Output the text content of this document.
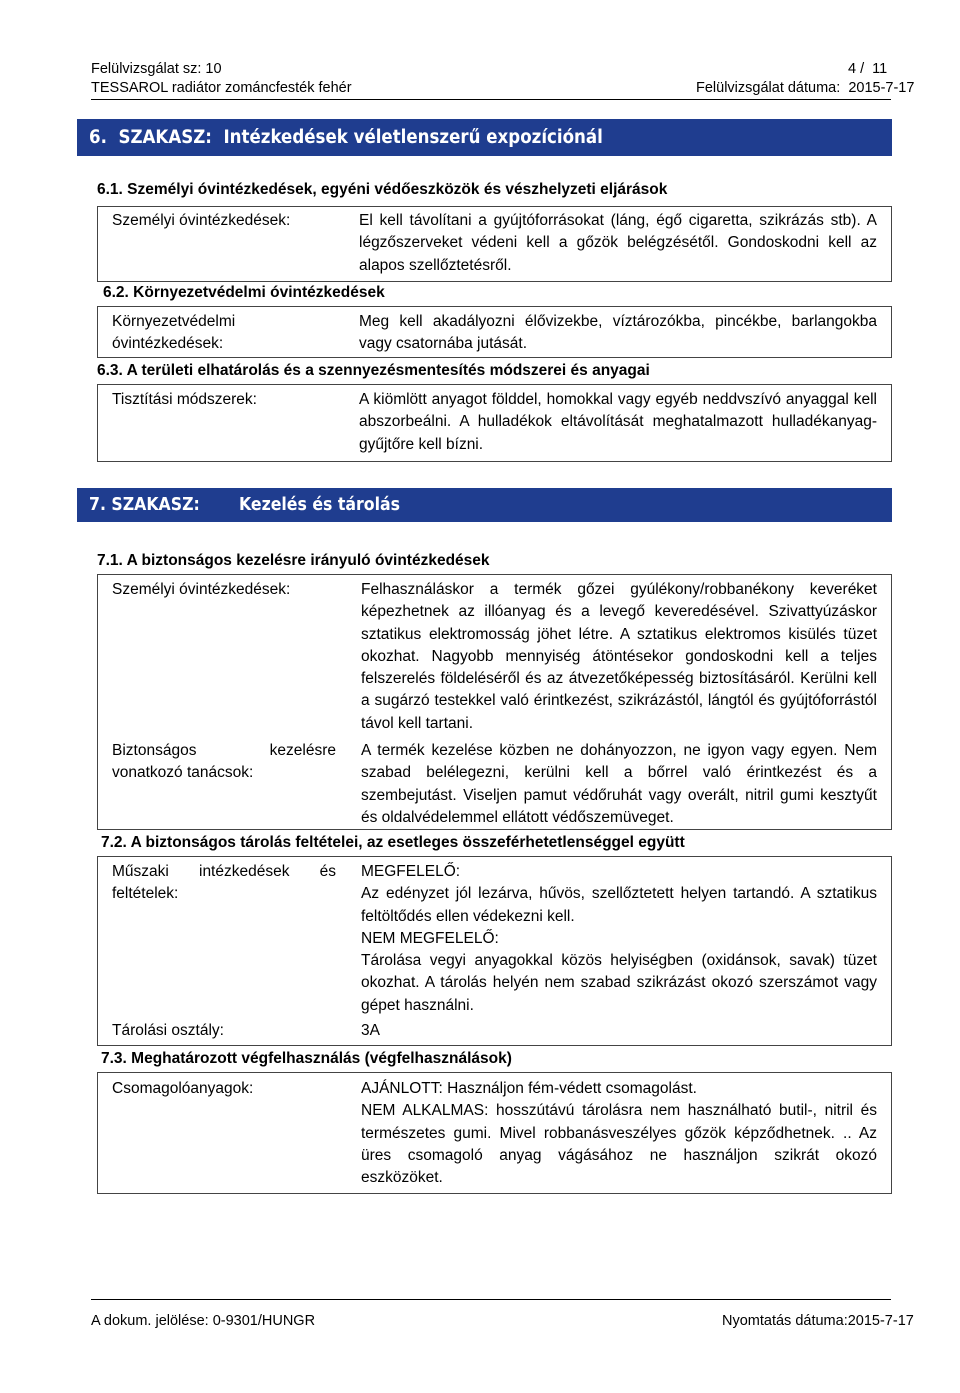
Felülvizsgálat sz: 10
TESSAROL radiátor zománcfesték fehér
4 /  11
Felülvizsgálat dátuma:  2015-7-17
6.  SZAKASZ:  Intézkedések véletlenszerű expozíciónál
6.1. Személyi óvintézkedések, egyéni védőeszközök és vészhelyzeti eljárások
Személyi óvintézkedések:	El kell távolítani a gyújtóforrásokat (láng, égő cigaretta, szikrázás stb). A légzőszerveket védeni kell a gőzök belégzésétől. Gondoskodni kell az alapos szellőztetésről.
6.2. Környezetvédelmi óvintézkedések
Környezetvédelmi
óvintézkedések:
Meg kell akadályozni élővizekbe, víztározókba, pincékbe, barlangokba vagy csatornába jutását.
6.3. A területi elhatárolás és a szennyezésmentesítés módszerei és anyagai
Tisztítási módszerek:	A kiömlött anyagot földdel, homokkal vagy egyéb neddvszívó anyaggal kell abszorbeálni. A hulladékok eltávolítását meghatalmazott hulladékanyag-gyűjtőre kell bízni.
7. SZAKASZ: Kezelés és tárolás
7.1. A biztonságos kezelésre irányuló óvintézkedések
Személyi óvintézkedések:	Felhasználáskor a termék gőzei gyúlékony/robbanékony keveréket képezhetnek az illóanyag és a levegő keveredésével. Szivattyúzáskor sztatikus elektromosság jöhet létre. A sztatikus elektromos kisülés tüzet okozhat. Nagyobb mennyiség átöntésekor gondoskodni kell a teljes felszerelés földeléséről és az átvezetőképesség biztosításáról. Kerülni kell a sugárzó testekkel való érintkezést, szikrázástól, lángtól és gyújtóforrástól távol kell tartani.
Biztonságos kezelésre vonatkozó tanácsok:
A termék kezelése közben ne dohányozzon, ne igyon vagy egyen. Nem szabad belélegezni, kerülni kell a bőrrel való érintkezést és a szembejutást. Viseljen pamut védőruhát vagy overált, nitril gumi kesztyűt és oldalvédelemmel ellátott védőszemüveget.
7.2. A biztonságos tárolás feltételei, az esetleges összeférhetetlenséggel együtt
Műszaki intézkedések és feltételek:

MEGFELELŐ:

Az edényzet jól lezárva, hűvös, szellőztetett helyen tartandó. A sztatikus feltöltődés ellen védekezni kell.

NEM MEGFELELŐ:

Tárolása vegyi anyagokkal közös helyiségben (oxidánsok, savak) tüzet okozhat. A tárolás helyén nem szabad szikrázást okozó szerszámot vagy gépet használni.

Tárolási osztály:	3A
7.3. Meghatározott végfelhasználás (végfelhasználások)
Csomagolóanyagok:	AJÁNLOTT: Használjon fém-védett csomagolást.

NEM ALKALMAS: hosszútávú tárolásra nem használható butil-, nitril és természetes gumi. Mivel robbanásveszélyes gőzök képződhetnek. .. Az üres csomagoló anyag vágásához ne használjon szikrát okozó eszközöket.

A dokum. jelölése: 0-9301/HUNGR	Nyomtatás dátuma:2015-7-17
